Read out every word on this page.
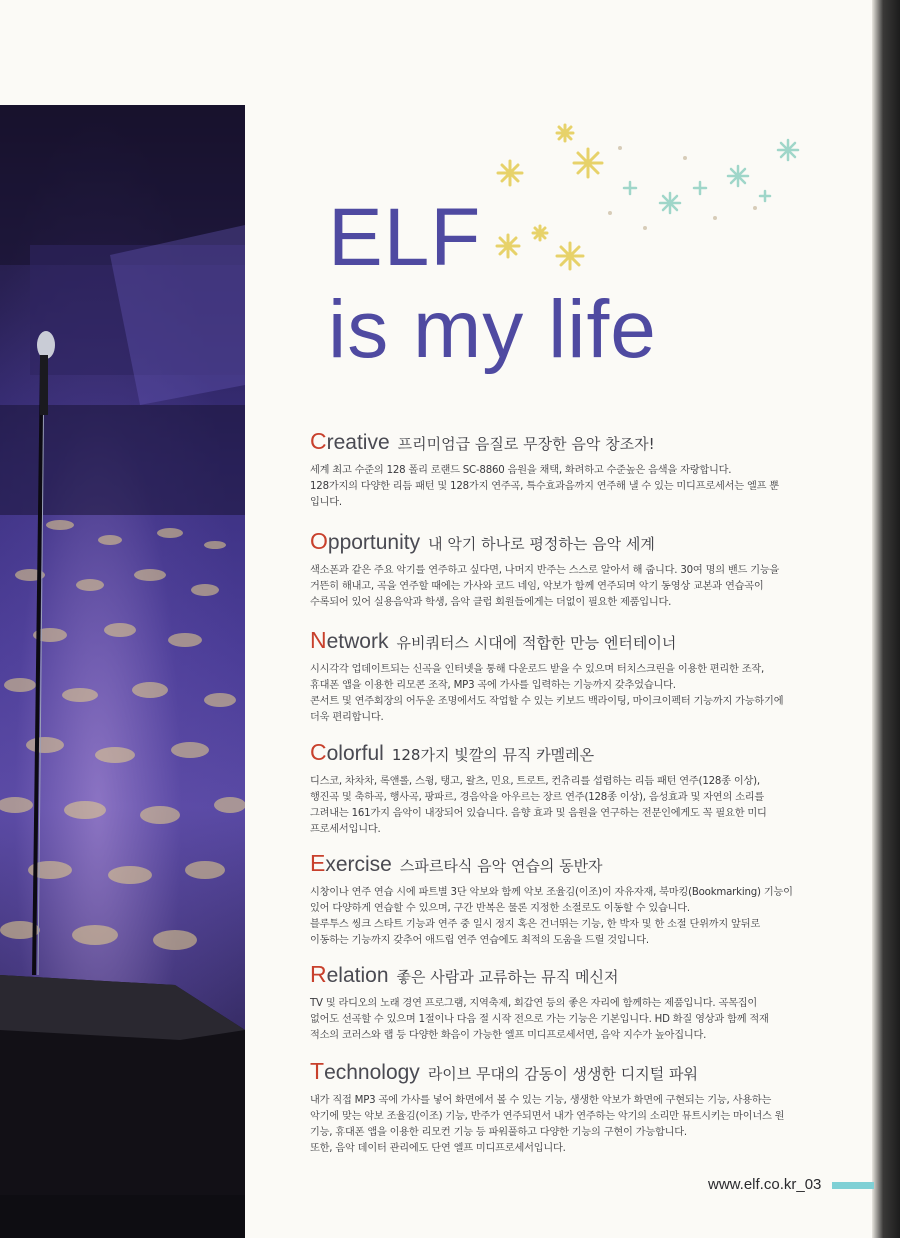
ELF
is my life
Creative 프리미엄급 음질로 무장한 음악 창조자!
세계 최고 수준의 128 폴리 로랜드 SC-8860 음원을 채택, 화려하고 수준높은 음색을 자랑합니다.
128가지의 다양한 리듬 패턴 및 128가지 연주곡, 특수효과음까지 연주해 낼 수 있는 미디프로세서는 엘프 뿐
입니다.
Opportunity 내 악기 하나로 평정하는 음악 세계
색소폰과 같은 주요 악기를 연주하고 싶다면, 나머지 반주는 스스로 알아서 해 줍니다. 30여 명의 밴드 기능을
거뜬히 해내고, 곡을 연주할 때에는 가사와 코드 네임, 악보가 함께 연주되며 악기 동영상 교본과 연습곡이
수록되어 있어 실용음악과 학생, 음악 클럽 회원들에게는 더없이 필요한 제품입니다.
Network 유비쿼터스 시대에 적합한 만능 엔터테이너
시시각각 업데이트되는 신곡을 인터넷을 통해 다운로드 받을 수 있으며 터치스크린을 이용한 편리한 조작,
휴대폰 앱을 이용한 리모콘 조작, MP3 곡에 가사를 입력하는 기능까지 갖추었습니다.
콘서트 및 연주회장의 어두운 조명에서도 작업할 수 있는 키보드 백라이팅, 마이크이펙터 기능까지 가능하기에
더욱 편리합니다.
Colorful 128가지 빛깔의 뮤직 카멜레온
디스코, 차차차, 록앤롤, 스윙, 탱고, 왈츠, 민요, 트로트, 컨츄리를 섭렵하는 리듬 패턴 연주(128종 이상),
행진곡 및 축하곡, 행사곡, 팡파르, 경음악을 아우르는 장르 연주(128종 이상), 음성효과 및 자연의 소리를
그려내는 161가지 음악이 내장되어 있습니다. 음향 효과 및 음원을 연구하는 전문인에게도 꼭 필요한 미디
프로세서입니다.
Exercise 스파르타식 음악 연습의 동반자
시창이나 연주 연습 시에 파트별 3단 악보와 함께 악보 조율김(이조)이 자유자재, 북마킹(Bookmarking) 기능이
있어 다양하게 연습할 수 있으며, 구간 반복은 물론 지정한 소절로도 이동할 수 있습니다.
블루투스 씽크 스타트 기능과 연주 중 일시 정지 혹은 건너뛰는 기능, 한 박자 및 한 소절 단위까지 앞뒤로
이동하는 기능까지 갖추어 애드립 연주 연습에도 최적의 도움을 드릴 것입니다.
Relation 좋은 사람과 교류하는 뮤직 메신저
TV 및 라디오의 노래 경연 프로그램, 지역축제, 회갑연 등의 좋은 자리에 함께하는 제품입니다. 곡목집이
없어도 선곡할 수 있으며 1절이나 다음 절 시작 전으로 가는 기능은 기본입니다. HD 화질 영상과 함께 적재
적소의 코러스와 랩 등 다양한 화음이 가능한 엘프 미디프로세서면, 음악 지수가 높아집니다.
Technology 라이브 무대의 감동이 생생한 디지털 파워
내가 직접 MP3 곡에 가사를 넣어 화면에서 볼 수 있는 기능, 생생한 악보가 화면에 구현되는 기능, 사용하는
악기에 맞는 악보 조율김(이조) 기능, 반주가 연주되면서 내가 연주하는 악기의 소리만 뮤트시키는 마이너스 원
기능, 휴대폰 앱을 이용한 리모컨 기능 등 파워풀하고 다양한 기능의 구현이 가능합니다.
또한, 음악 데이터 관리에도 단연 엘프 미디프로세서입니다.
www.elf.co.kr_03
